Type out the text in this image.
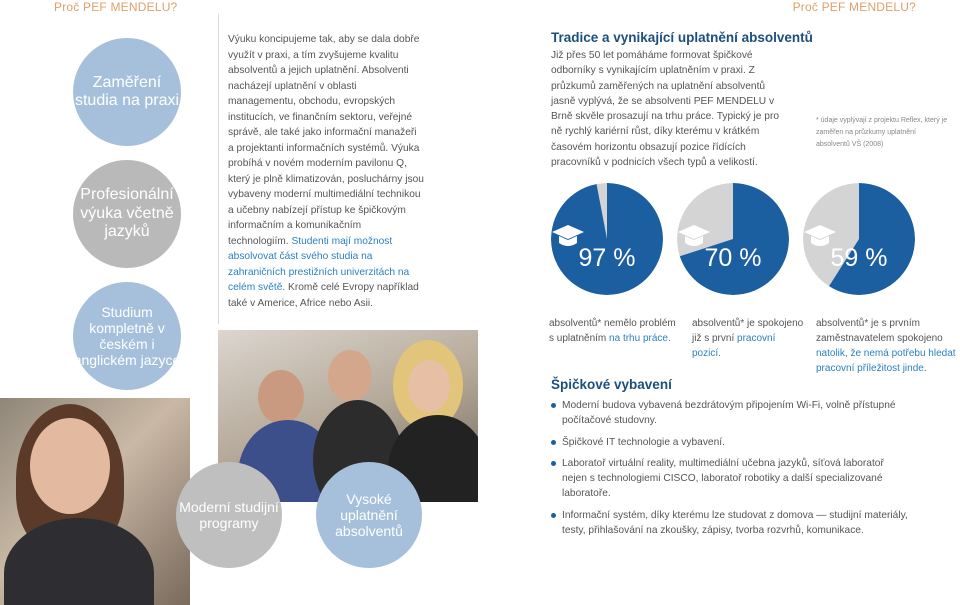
Proč PEF MENDELU?	Proč PEF MENDELU?
Zaměření studia na praxi
Profesionální výuka včetně jazyků
Studium kompletně v českém i anglickém jazyce
Moderní studijní programy
Vysoké uplatnění absolventů
Výuku koncipujeme tak, aby se dala dobře využít v praxi, a tím zvyšujeme kvalitu absolventů a jejich uplatnění. Absolventi nacházejí uplatnění v oblasti managementu, obchodu, evropských institucích, ve finančním sektoru, veřejné správě, ale také jako informační manažeři a projektanti informačních systémů. Výuka probíhá v novém moderním pavilonu Q, který je plně klimatizován, posluchárny jsou vybaveny moderní multimediální technikou a učebny nabízejí přístup ke špičkovým informačním a komunikačním technologiím. Studenti mají možnost absolvovat část svého studia na zahraničních prestižních univerzitách na celém světě. Kromě celé Evropy například také v Americe, Africe nebo Asii.
Tradice a vynikající uplatnění absolventů
Již přes 50 let pomáháme formovat špičkové odborníky s vynikajícím uplatněním v praxi. Z průzkumů zaměřených na uplatnění absolventů jasně vyplývá, že se absolventi PEF MENDELU v Brně skvěle prosazují na trhu práce. Typický je pro ně rychlý kariérní růst, díky kterému v krátkém časovém horizontu obsazují pozice řídících pracovníků v podnicích všech typů a velikostí.
* údaje vyplývají z projektu Reflex, který je zaměřen na průzkumy uplatnění absolventů VŠ (2008)
97 %	70 %	59 %
absolventů* nemělo problém s uplatněním na trhu práce.
absolventů* je spokojeno již s první pracovní pozicí.
absolventů* je s prvním zaměstnavatelem spokojeno natolik, že nemá potřebu hledat pracovní příležitost jinde.
Špičkové vybavení
Moderní budova vybavená bezdrátovým připojením Wi-Fi, volně přístupné počítačové studovny.
Špičkové IT technologie a vybavení.
Laboratoř virtuální reality, multimediální učebna jazyků, síťová laboratoř nejen s technologiemi CISCO, laboratoř robotiky a další specializované laboratoře.
Informační systém, díky kterému lze studovat z domova — studijní materiály, testy, přihlašování na zkoušky, zápisy, tvorba rozvrhů, komunikace.
